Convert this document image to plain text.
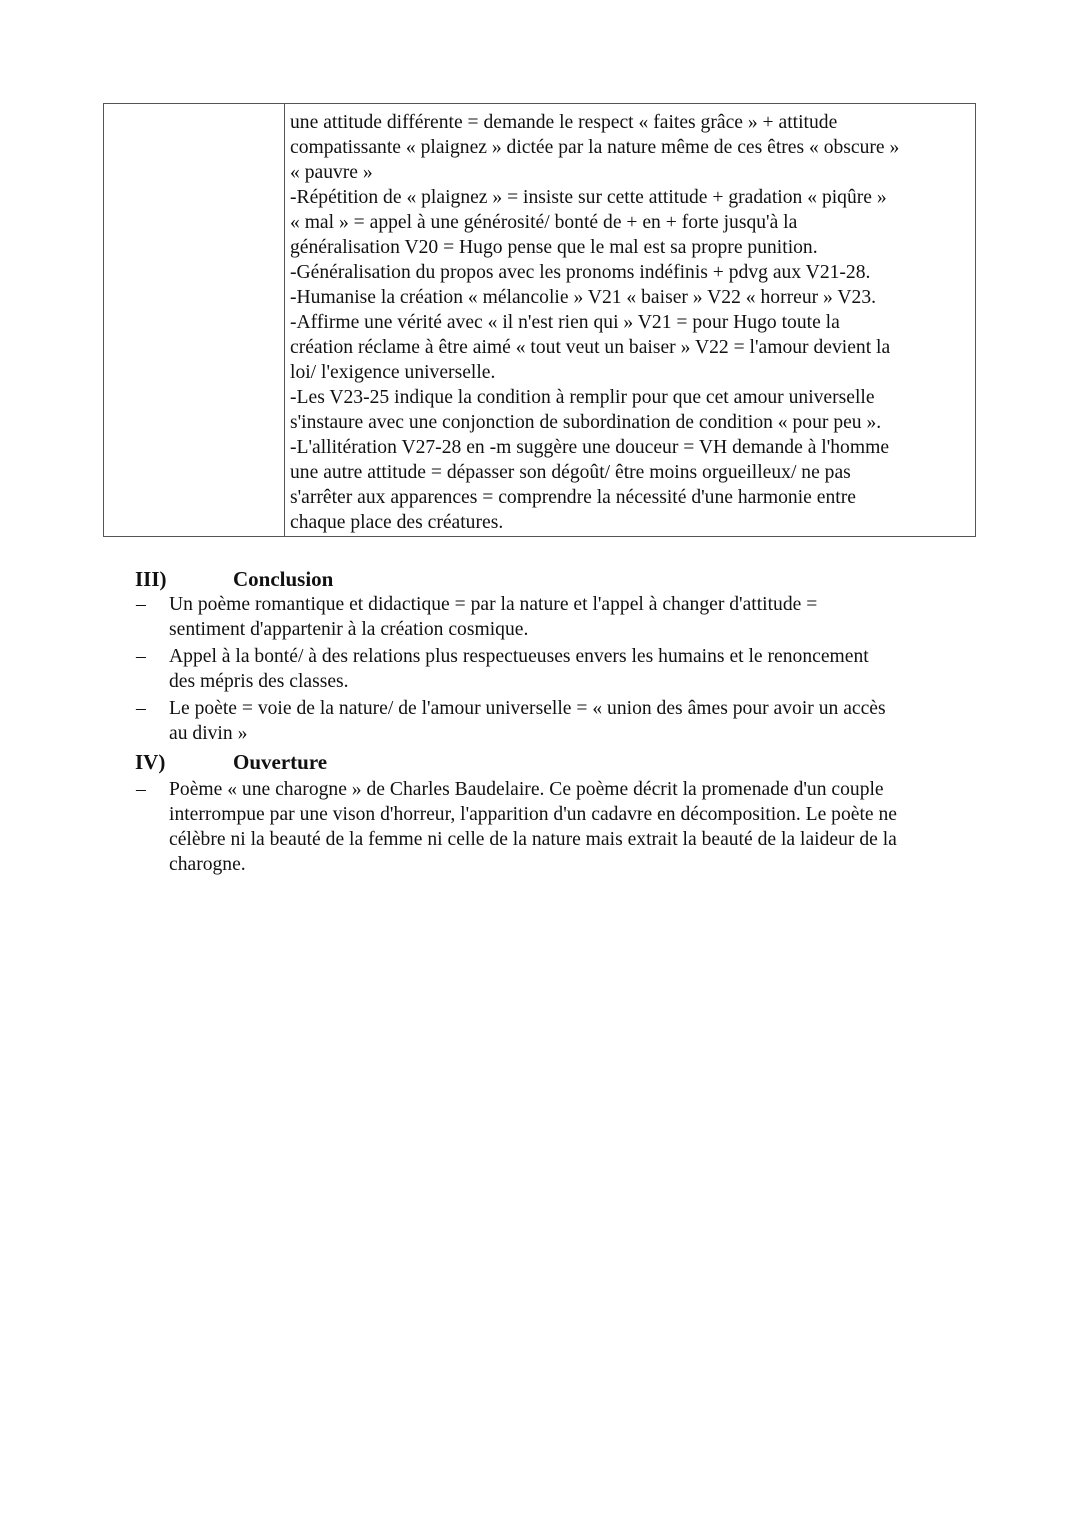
une attitude différente = demande le respect « faites grâce » + attitude
compatissante « plaignez » dictée par la nature même de ces êtres « obscure »
« pauvre »
-Répétition de « plaignez » = insiste sur cette attitude + gradation « piqûre »
« mal » = appel à une générosité/ bonté de + en + forte jusqu'à la
généralisation V20 = Hugo pense que le mal est sa propre punition.
-Généralisation du propos avec les pronoms indéfinis + pdvg aux V21-28.
-Humanise la création « mélancolie » V21 « baiser » V22 « horreur » V23.
-Affirme une vérité avec « il n'est rien qui » V21 = pour Hugo toute la
création réclame à être aimé « tout veut un baiser » V22 = l'amour devient la
loi/ l'exigence universelle.
-Les V23-25 indique la condition à remplir pour que cet amour universelle
s'instaure avec une conjonction de subordination de condition « pour peu ».
-L'allitération V27-28 en -m suggère une douceur = VH demande à l'homme
une autre attitude = dépasser son dégoût/ être moins orgueilleux/ ne pas
s'arrêter aux apparences = comprendre la nécessité d'une harmonie entre
chaque place des créatures.
III)	Conclusion
– Un poème romantique et didactique = par la nature et l'appel à changer d'attitude =
sentiment d'appartenir à la création cosmique.
– Appel à la bonté/ à des relations plus respectueuses envers les humains et le renoncement
des mépris des classes.
– Le poète = voie de la nature/ de l'amour universelle = « union des âmes pour avoir un accès
au divin »
IV)	Ouverture
– Poème « une charogne » de Charles Baudelaire. Ce poème décrit la promenade d'un couple
interrompue par une vison d'horreur, l'apparition d'un cadavre en décomposition. Le poète ne
célèbre ni la beauté de la femme ni celle de la nature mais extrait la beauté de la laideur de la
charogne.
